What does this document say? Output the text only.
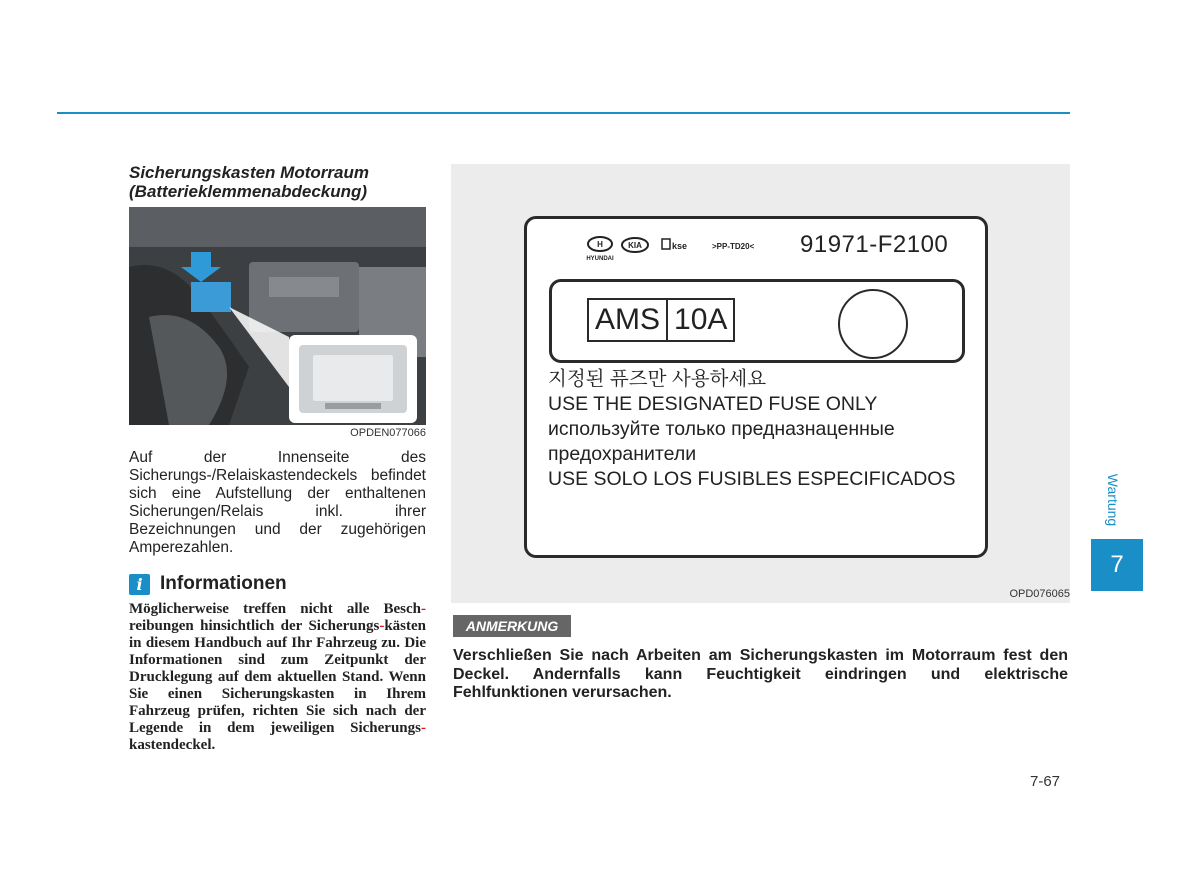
Sicherungskasten Motorraum

(Batterieklemmenabdeckung)

OPDEN077066
Auf der Innenseite des Sicherungs-/Relaiskastendeckels befindet sich eine Aufstellung der enthaltenen Sicherungen/Relais inkl. ihrer Bezeichnungen und der zugehörigen Amperezahlen.
i Informationen
Möglicherweise treffen nicht alle Besch-reibungen hinsichtlich der Sicherungs-kästen in diesem Handbuch auf Ihr Fahrzeug zu. Die Informationen sind zum Zeitpunkt der Drucklegung auf dem aktuellen Stand. Wenn Sie einen Sicherungskasten in Ihrem Fahrzeug prüfen, richten Sie sich nach der Legende in dem jeweiligen Sicherungs-kastendeckel.
H
HYUNDAI
KIA	kse	>PP-TD20< 91971-F2100
AMS 10A
지정된 퓨즈만 사용하세요
USE THE DESIGNATED FUSE ONLY
используйте только предназнацeнные
предохранители
USE SOLO LOS FUSIBLES ESPECIFICADOS
OPD076065
ANMERKUNG
Verschließen Sie nach Arbeiten am Sicherungskasten im Motorraum fest den Deckel. Andernfalls kann Feuchtigkeit eindringen und elektrische Fehlfunktionen verursachen.
7-67
Wartung
7
